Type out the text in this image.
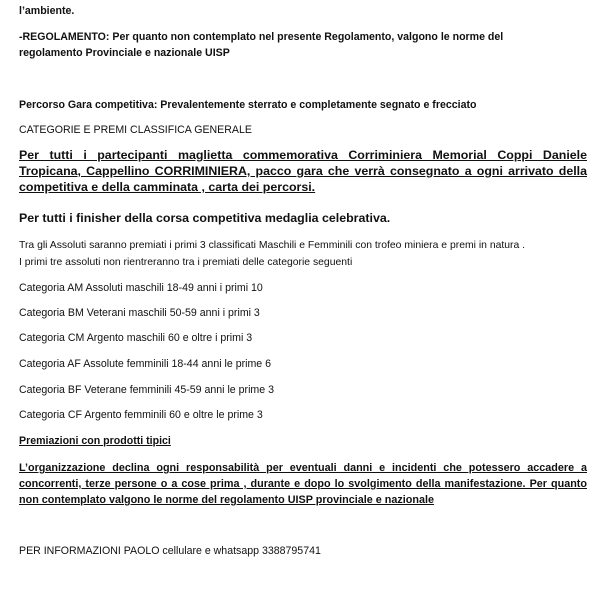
l’ambiente.

-REGOLAMENTO: Per quanto non contemplato nel presente Regolamento, valgono le norme del

regolamento Provinciale e nazionale UISP

Percorso Gara competitiva: Prevalentemente sterrato e completamente segnato e frecciato

CATEGORIE E PREMI CLASSIFICA GENERALE

Per tutti i partecipanti maglietta commemorativa Corriminiera Memorial Coppi Daniele Tropicana, Cappellino CORRIMINIERA, pacco gara che verrà consegnato a ogni arrivato della competitiva e della camminata , carta dei percorsi.

Per tutti i finisher della corsa competitiva medaglia celebrativa.

Tra gli Assoluti saranno premiati i primi 3 classificati Maschili e Femminili con trofeo miniera e premi in natura .

I primi tre assoluti non rientreranno tra i premiati delle categorie seguenti

Categoria AM Assoluti maschili 18-49 anni i primi 10

Categoria BM Veterani maschili 50-59 anni i primi 3

Categoria CM Argento maschili 60 e oltre i primi 3

Categoria AF Assolute femminili 18-44 anni le prime 6

Categoria BF Veterane femminili 45-59 anni le prime 3

Categoria CF Argento femminili 60 e oltre le prime 3

Premiazioni con prodotti tipici

L’organizzazione declina ogni responsabilità per eventuali danni e incidenti che potessero accadere a concorrenti, terze persone o a cose prima , durante e dopo lo svolgimento della manifestazione. Per quanto non contemplato valgono le norme del regolamento UISP provinciale e nazionale

PER INFORMAZIONI PAOLO cellulare e whatsapp 3388795741
